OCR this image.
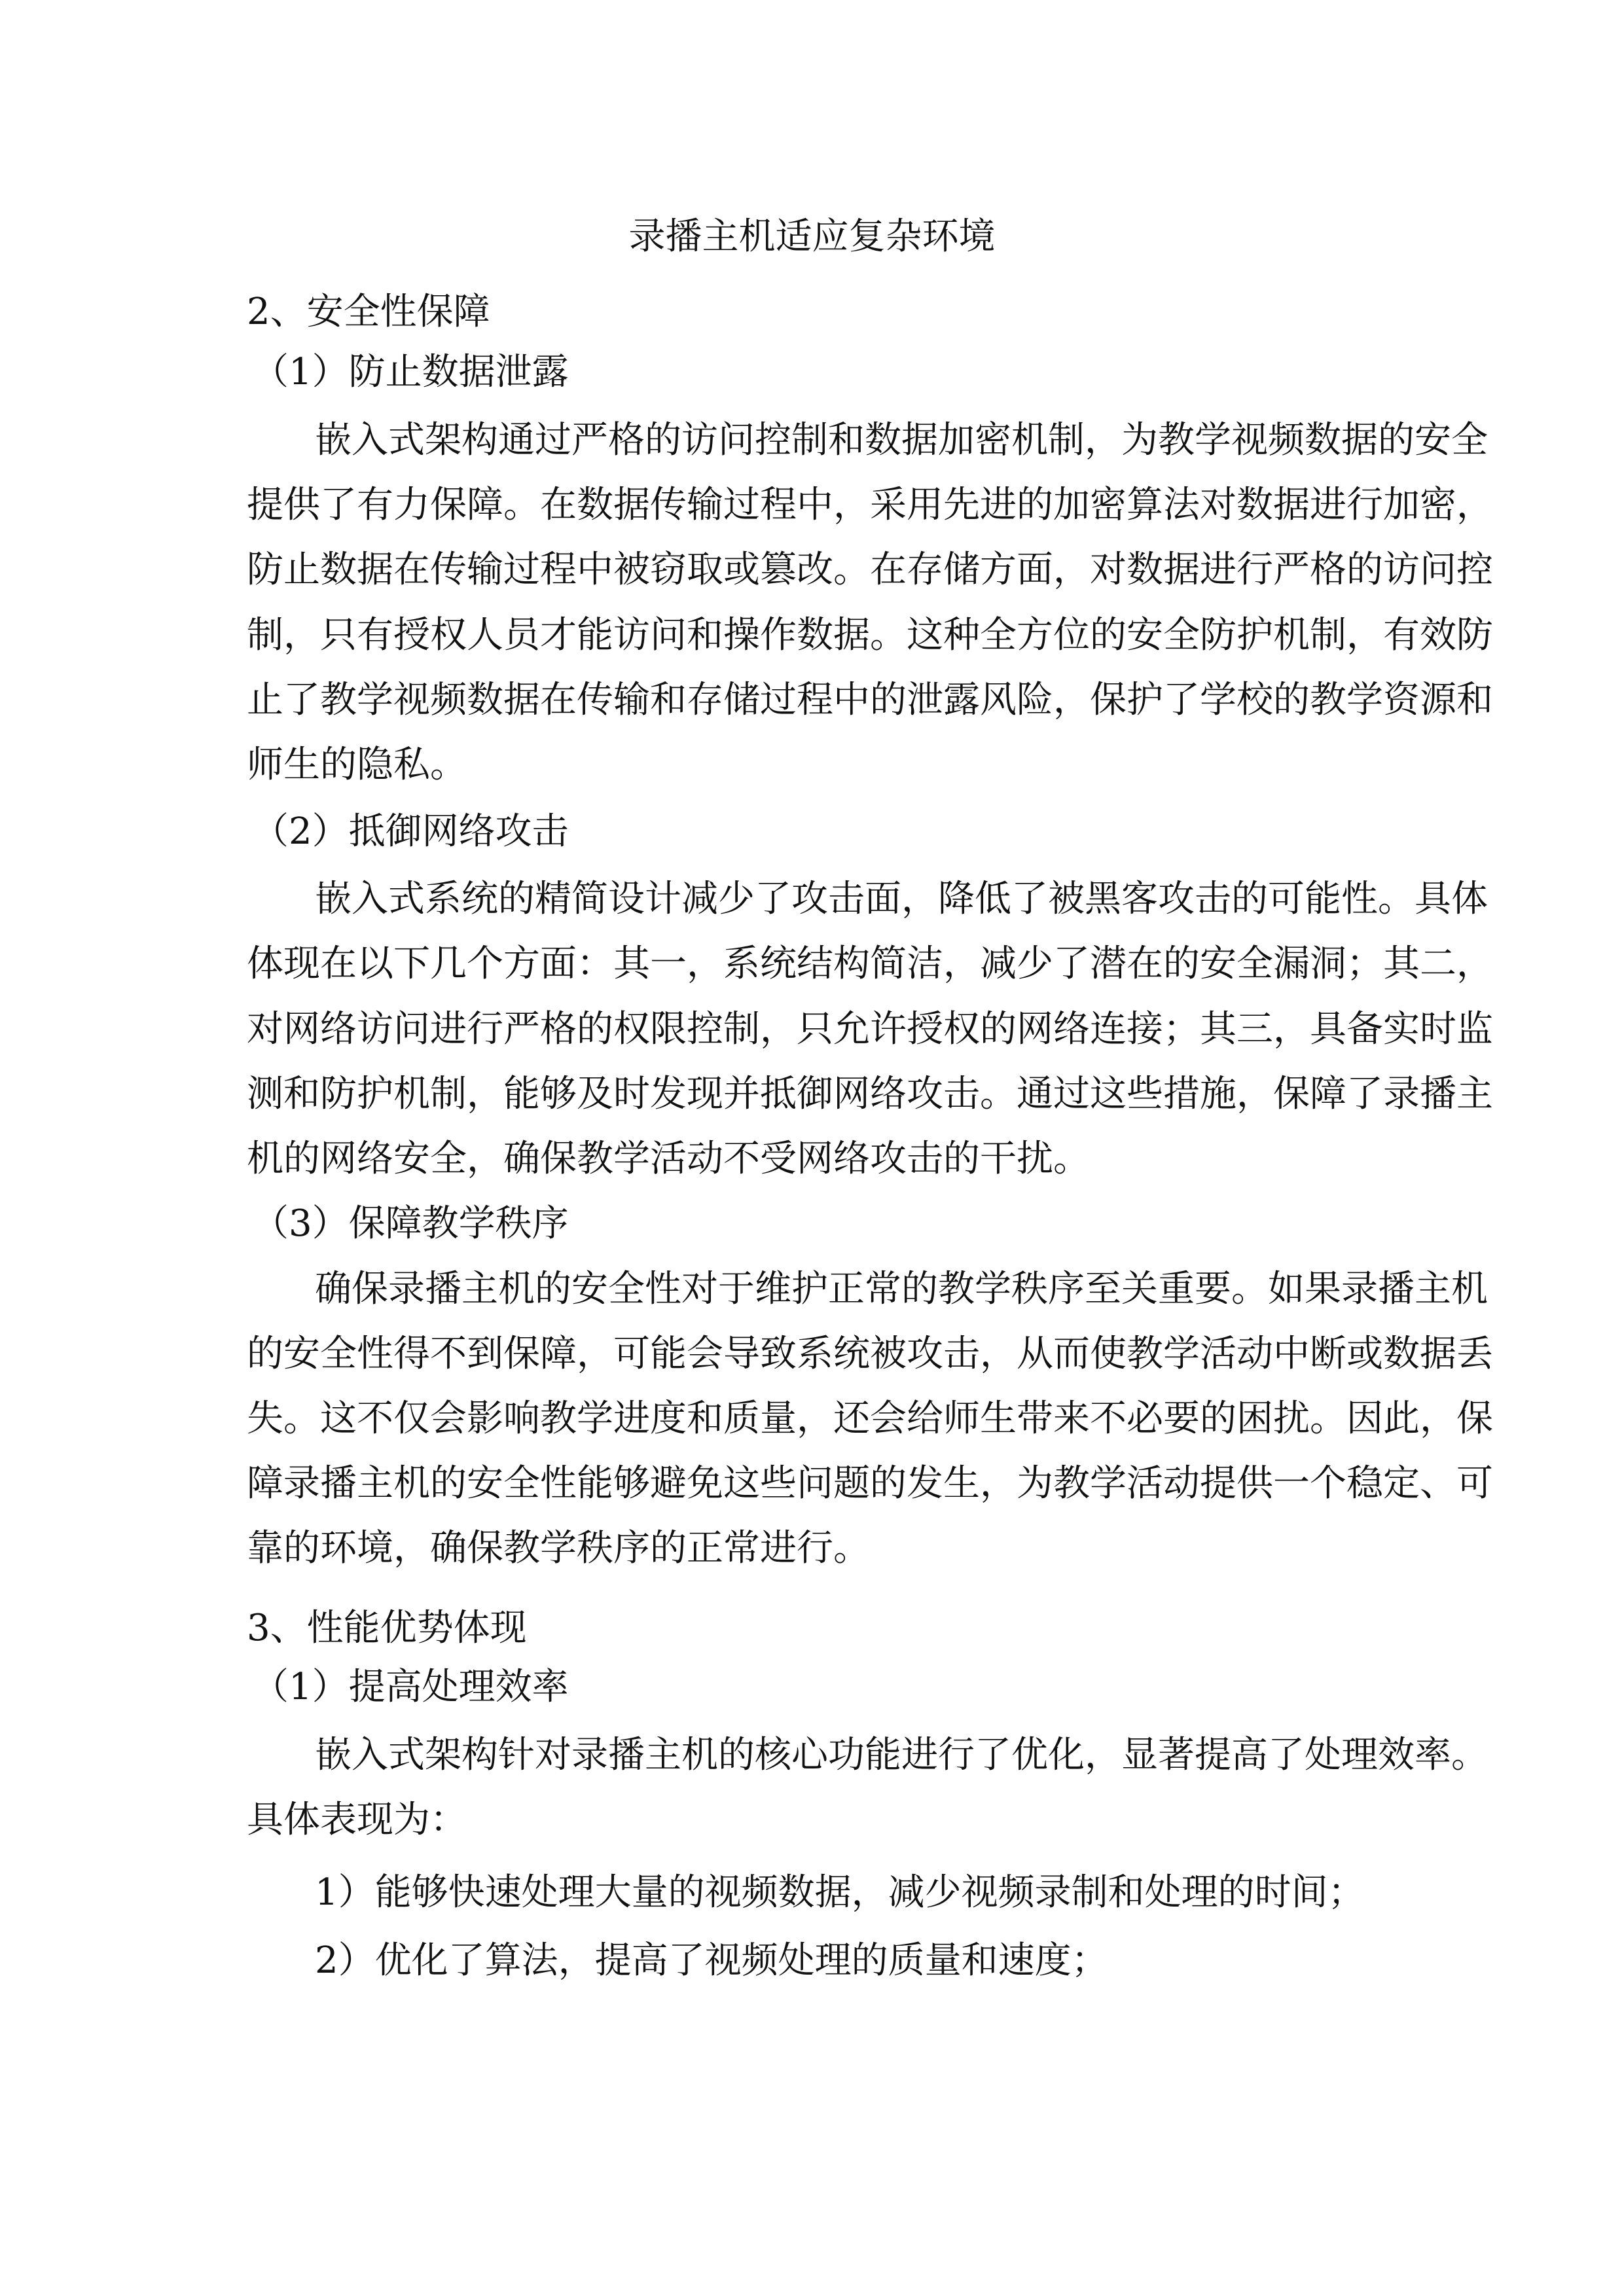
录播主机适应复杂环境
2、安全性保障
（1）防止数据泄露
嵌入式架构通过严格的访问控制和数据加密机制，为教学视频数据的安全
提供了有力保障。在数据传输过程中，采用先进的加密算法对数据进行加密，
防止数据在传输过程中被窃取或篡改。在存储方面，对数据进行严格的访问控
制，只有授权人员才能访问和操作数据。这种全方位的安全防护机制，有效防
止了教学视频数据在传输和存储过程中的泄露风险，保护了学校的教学资源和
师生的隐私。
（2）抵御网络攻击
嵌入式系统的精简设计减少了攻击面，降低了被黑客攻击的可能性。具体
体现在以下几个方面：其一，系统结构简洁，减少了潜在的安全漏洞；其二，
对网络访问进行严格的权限控制，只允许授权的网络连接；其三，具备实时监
测和防护机制，能够及时发现并抵御网络攻击。通过这些措施，保障了录播主
机的网络安全，确保教学活动不受网络攻击的干扰。
（3）保障教学秩序
确保录播主机的安全性对于维护正常的教学秩序至关重要。如果录播主机
的安全性得不到保障，可能会导致系统被攻击，从而使教学活动中断或数据丢
失。这不仅会影响教学进度和质量，还会给师生带来不必要的困扰。因此，保
障录播主机的安全性能够避免这些问题的发生，为教学活动提供一个稳定、可
靠的环境，确保教学秩序的正常进行。
3、性能优势体现
（1）提高处理效率
嵌入式架构针对录播主机的核心功能进行了优化，显著提高了处理效率。
具体表现为：
1）能够快速处理大量的视频数据，减少视频录制和处理的时间；
2）优化了算法，提高了视频处理的质量和速度；
